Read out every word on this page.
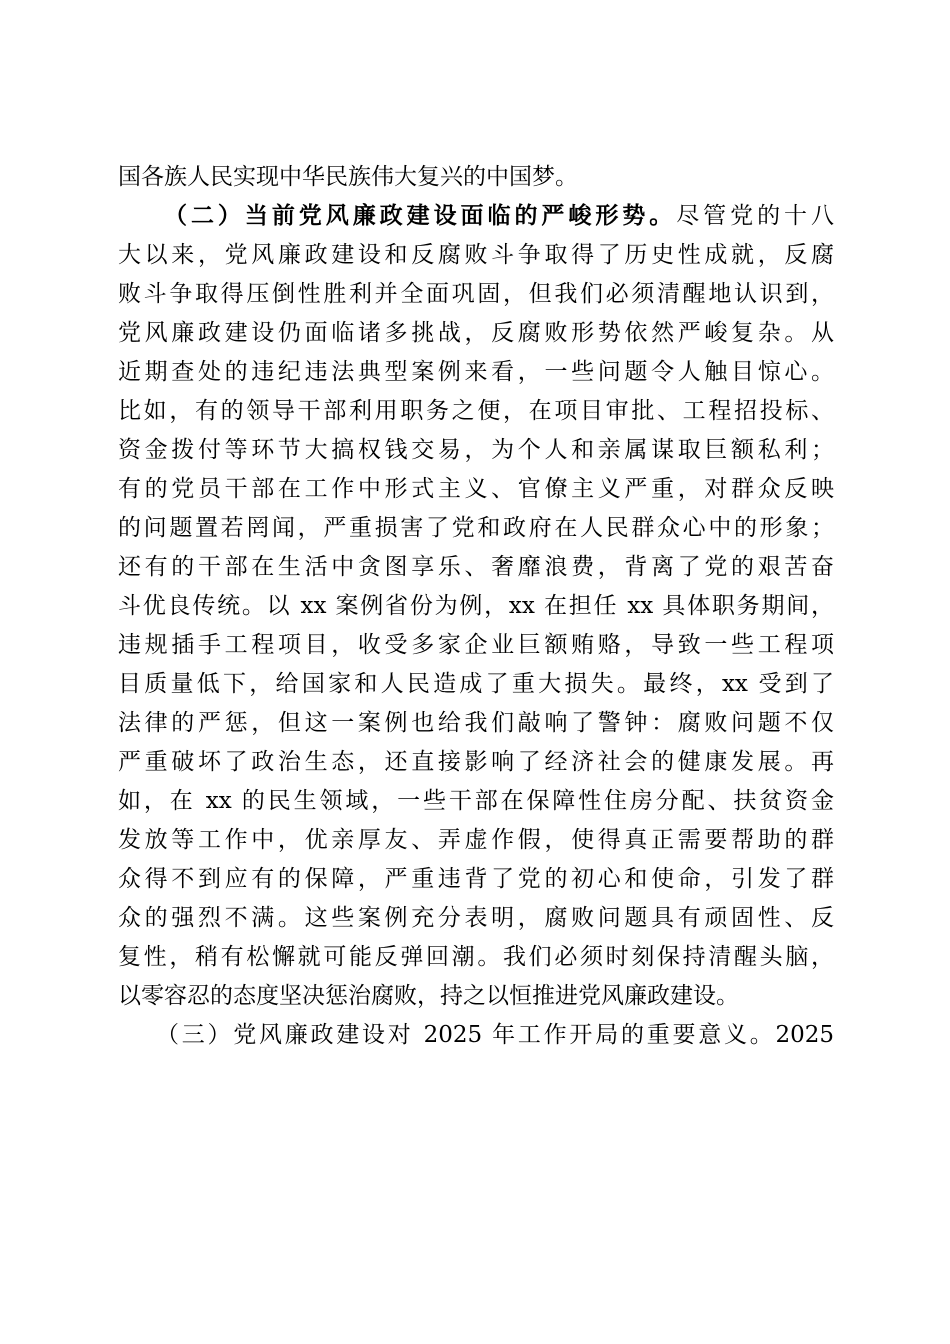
国各族人民实现中华民族伟大复兴的中国梦。
（二）当前党风廉政建设面临的严峻形势。尽管党的十八
大以来，党风廉政建设和反腐败斗争取得了历史性成就，反腐
败斗争取得压倒性胜利并全面巩固，但我们必须清醒地认识到，
党风廉政建设仍面临诸多挑战，反腐败形势依然严峻复杂。从
近期查处的违纪违法典型案例来看，一些问题令人触目惊心。
比如，有的领导干部利用职务之便，在项目审批、工程招投标、
资金拨付等环节大搞权钱交易，为个人和亲属谋取巨额私利；
有的党员干部在工作中形式主义、官僚主义严重，对群众反映
的问题置若罔闻，严重损害了党和政府在人民群众心中的形象；
还有的干部在生活中贪图享乐、奢靡浪费，背离了党的艰苦奋
斗优良传统。以 xx 案例省份为例，xx 在担任 xx 具体职务期间，
违规插手工程项目，收受多家企业巨额贿赂，导致一些工程项
目质量低下，给国家和人民造成了重大损失。最终，xx 受到了
法律的严惩，但这一案例也给我们敲响了警钟：腐败问题不仅
严重破坏了政治生态，还直接影响了经济社会的健康发展。再
如，在 xx 的民生领域，一些干部在保障性住房分配、扶贫资金
发放等工作中，优亲厚友、弄虚作假，使得真正需要帮助的群
众得不到应有的保障，严重违背了党的初心和使命，引发了群
众的强烈不满。这些案例充分表明，腐败问题具有顽固性、反
复性，稍有松懈就可能反弹回潮。我们必须时刻保持清醒头脑，
以零容忍的态度坚决惩治腐败，持之以恒推进党风廉政建设。
（三）党风廉政建设对 2025 年工作开局的重要意义。2025
